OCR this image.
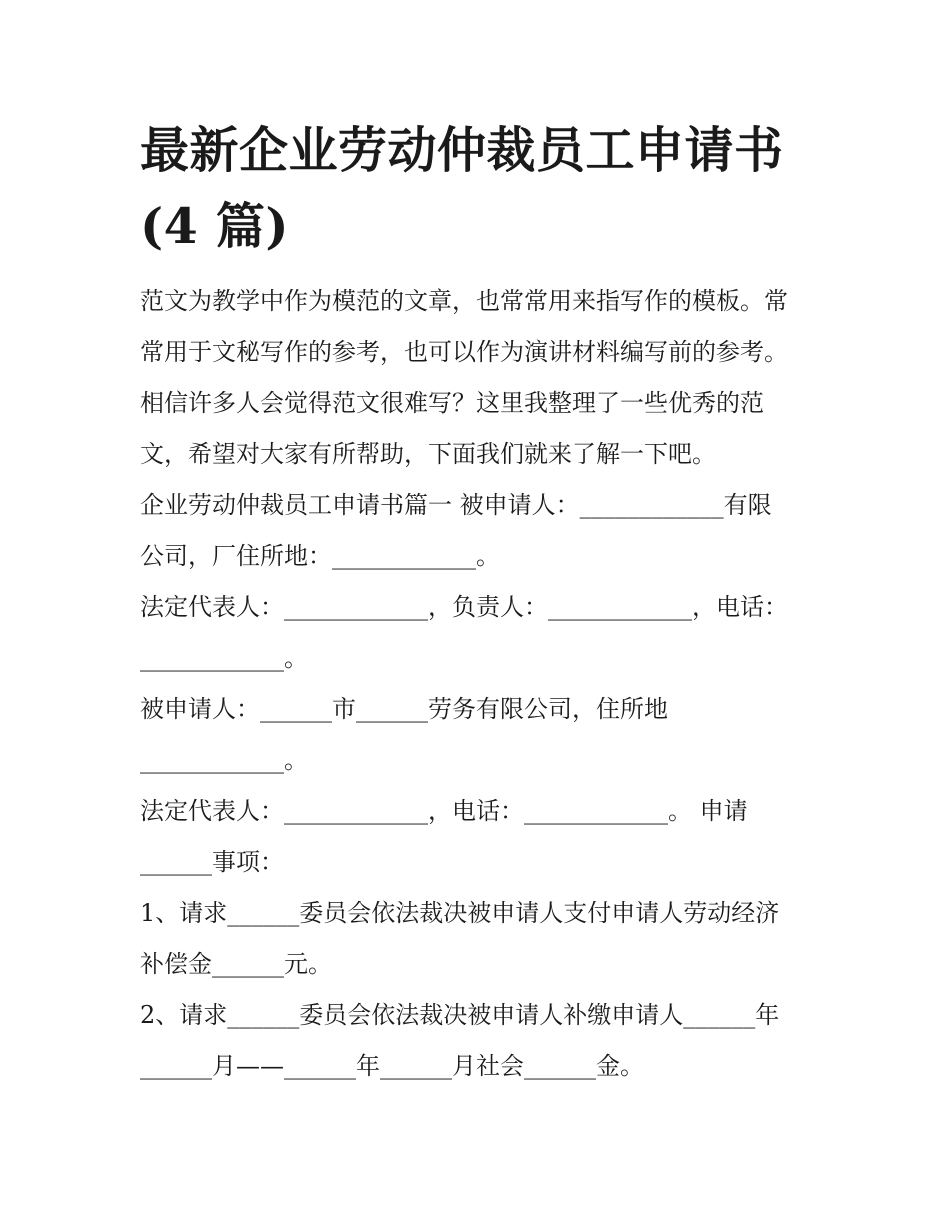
最新企业劳动仲裁员工申请书
(4 篇)
范文为教学中作为模范的文章，也常常用来指写作的模板。常
常用于文秘写作的参考，也可以作为演讲材料编写前的参考。
相信许多人会觉得范文很难写？这里我整理了一些优秀的范
文，希望对大家有所帮助，下面我们就来了解一下吧。
企业劳动仲裁员工申请书篇一 被申请人：____________有限
公司，厂住所地：____________。
法定代表人：____________，负责人：____________，电话：
____________。
被申请人：______市______劳务有限公司，住所地
____________。
法定代表人：____________，电话：____________。 申请
______事项：
1、请求______委员会依法裁决被申请人支付申请人劳动经济
补偿金______元。
2、请求______委员会依法裁决被申请人补缴申请人______年
______月——______年______月社会______金。
